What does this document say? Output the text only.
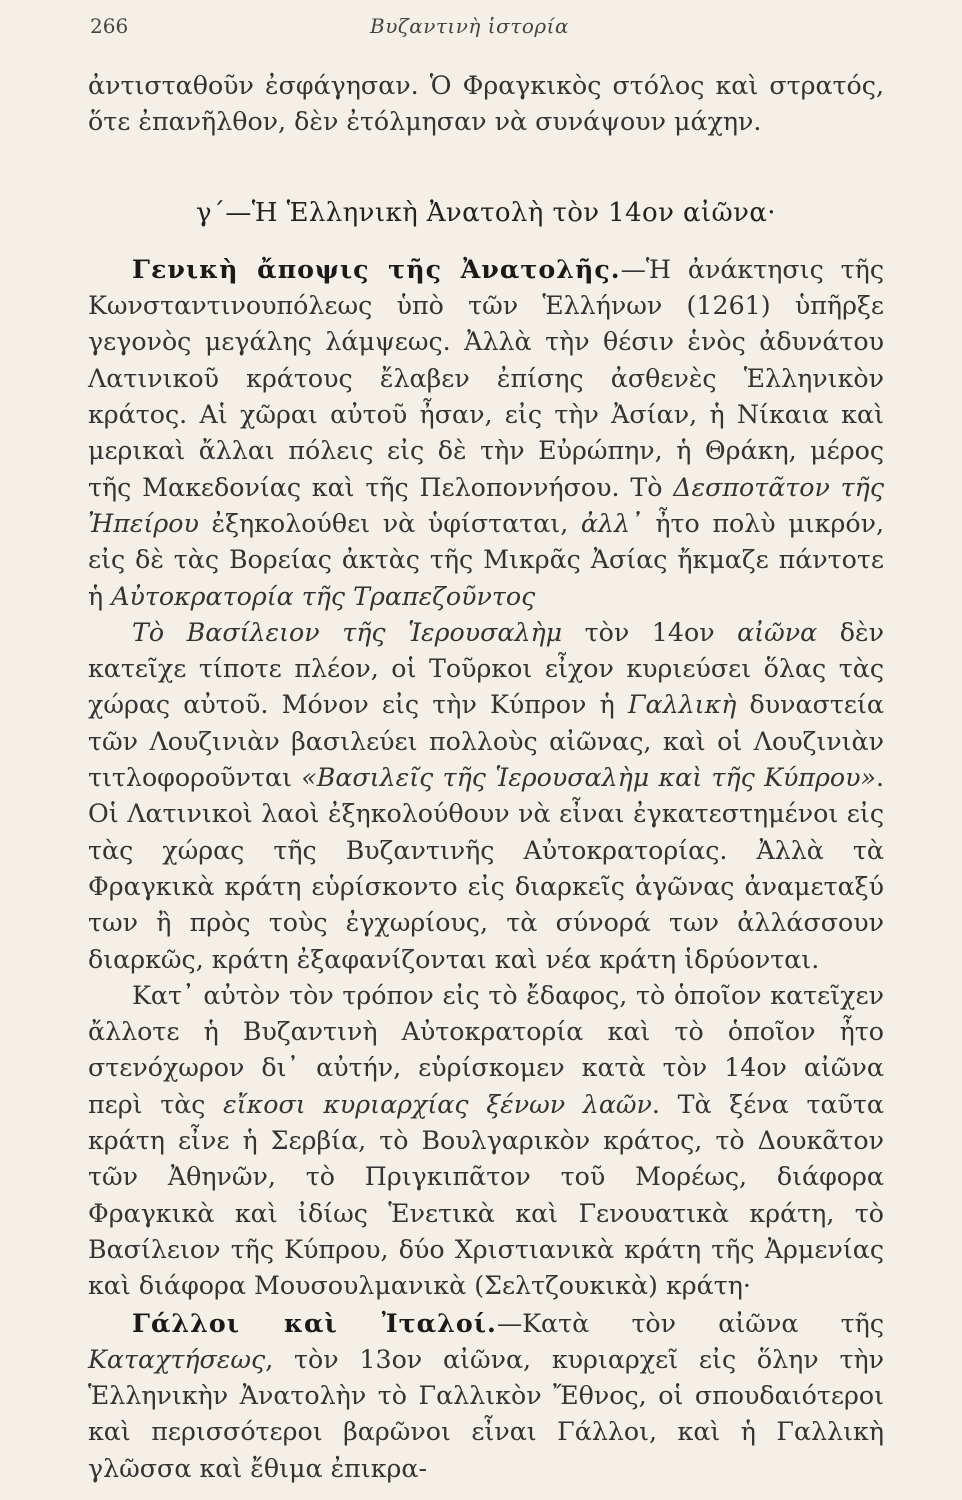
266	Βυζαντινὴ ἱστορία

ἀντισταθοῦν ἐσφάγησαν. Ὁ Φραγκικὸς στόλος καὶ στρατός, ὅτε ἐπανῆλθον, δὲν ἐτόλμησαν νὰ συνάψουν μάχην.

γ´—Ἡ Ἑλληνικὴ Ἀνατολὴ τὸν 14ον αἰῶνα·

Γενικὴ ἄποψις τῆς Ἀνατολῆς.—Ἡ ἀνάκτησις τῆς Κωνσταντινουπόλεως ὑπὸ τῶν Ἑλλήνων (1261) ὑπῆρξε γεγονὸς μεγάλης λάμψεως. Ἀλλὰ τὴν θέσιν ἑνὸς ἀδυνάτου Λατινικοῦ κράτους ἔλαβεν ἐπίσης ἀσθενὲς Ἑλληνικὸν κράτος. Αἱ χῶραι αὐτοῦ ἦσαν, εἰς τὴν Ἀσίαν, ἡ Νίκαια καὶ μερικαὶ ἄλλαι πόλεις εἰς δὲ τὴν Εὐρώπην, ἡ Θράκη, μέρος τῆς Μακεδονίας καὶ τῆς Πελοποννήσου. Τὸ Δεσποτᾶτον τῆς Ἠπείρου ἐξηκολούθει νὰ ὑφίσταται, ἀλλ᾽ ἦτο πολὺ μικρόν, εἰς δὲ τὰς Βορείας ἀκτὰς τῆς Μικρᾶς Ἀσίας ἤκμαζε πάντοτε ἡ Αὐτοκρατορία τῆς Τραπεζοῦντος

Τὸ Βασίλειον τῆς Ἱερουσαλὴμ τὸν 14ον αἰῶνα δὲν κατεῖχε τίποτε πλέον, οἱ Τοῦρκοι εἶχον κυριεύσει ὅλας τὰς χώρας αὐτοῦ. Μόνον εἰς τὴν Κύπρον ἡ Γαλλικὴ δυναστεία τῶν Λουζινιὰν βασιλεύει πολλοὺς αἰῶνας, καὶ οἱ Λουζινιὰν τιτλοφοροῦνται «Βασιλεῖς τῆς Ἱερουσαλὴμ καὶ τῆς Κύπρου». Οἱ Λατινικοὶ λαοὶ ἐξηκολούθουν νὰ εἶναι ἐγκατεστημένοι εἰς τὰς χώρας τῆς Βυζαντινῆς Αὐτοκρατορίας. Ἀλλὰ τὰ Φραγκικὰ κράτη εὑρίσκοντο εἰς διαρκεῖς ἀγῶνας ἀναμεταξύ των ἢ πρὸς τοὺς ἐγχωρίους, τὰ σύνορά των ἀλλάσσουν διαρκῶς, κράτη ἐξαφανίζονται καὶ νέα κράτη ἱδρύονται.

Κατ᾽ αὐτὸν τὸν τρόπον εἰς τὸ ἔδαφος, τὸ ὁποῖον κατεῖχεν ἄλλοτε ἡ Βυζαντινὴ Αὐτοκρατορία καὶ τὸ ὁποῖον ἦτο στενόχωρον δι᾽ αὐτήν, εὑρίσκομεν κατὰ τὸν 14ον αἰῶνα περὶ τὰς εἴκοσι κυριαρχίας ξένων λαῶν. Τὰ ξένα ταῦτα κράτη εἶνε ἡ Σερβία, τὸ Βουλγαρικὸν κράτος, τὸ Δουκᾶτον τῶν Ἀθηνῶν, τὸ Πριγκιπᾶτον τοῦ Μορέως, διάφορα Φραγκικὰ καὶ ἰδίως Ἑνετικὰ καὶ Γενουατικὰ κράτη, τὸ Βασίλειον τῆς Κύπρου, δύο Χριστιανικὰ κράτη τῆς Ἀρμενίας καὶ διάφορα Μουσουλμανικὰ (Σελτζουκικὰ) κράτη·

Γάλλοι καὶ Ἰταλοί.—Κατὰ τὸν αἰῶνα τῆς Καταχτήσεως, τὸν 13ον αἰῶνα, κυριαρχεῖ εἰς ὅλην τὴν Ἑλληνικὴν Ἀνατολὴν τὸ Γαλλικὸν Ἔθνος, οἱ σπουδαιότεροι καὶ περισσότεροι βαρῶνοι εἶναι Γάλλοι, καὶ ἡ Γαλλικὴ γλῶσσα καὶ ἔθιμα ἐπικρα-
